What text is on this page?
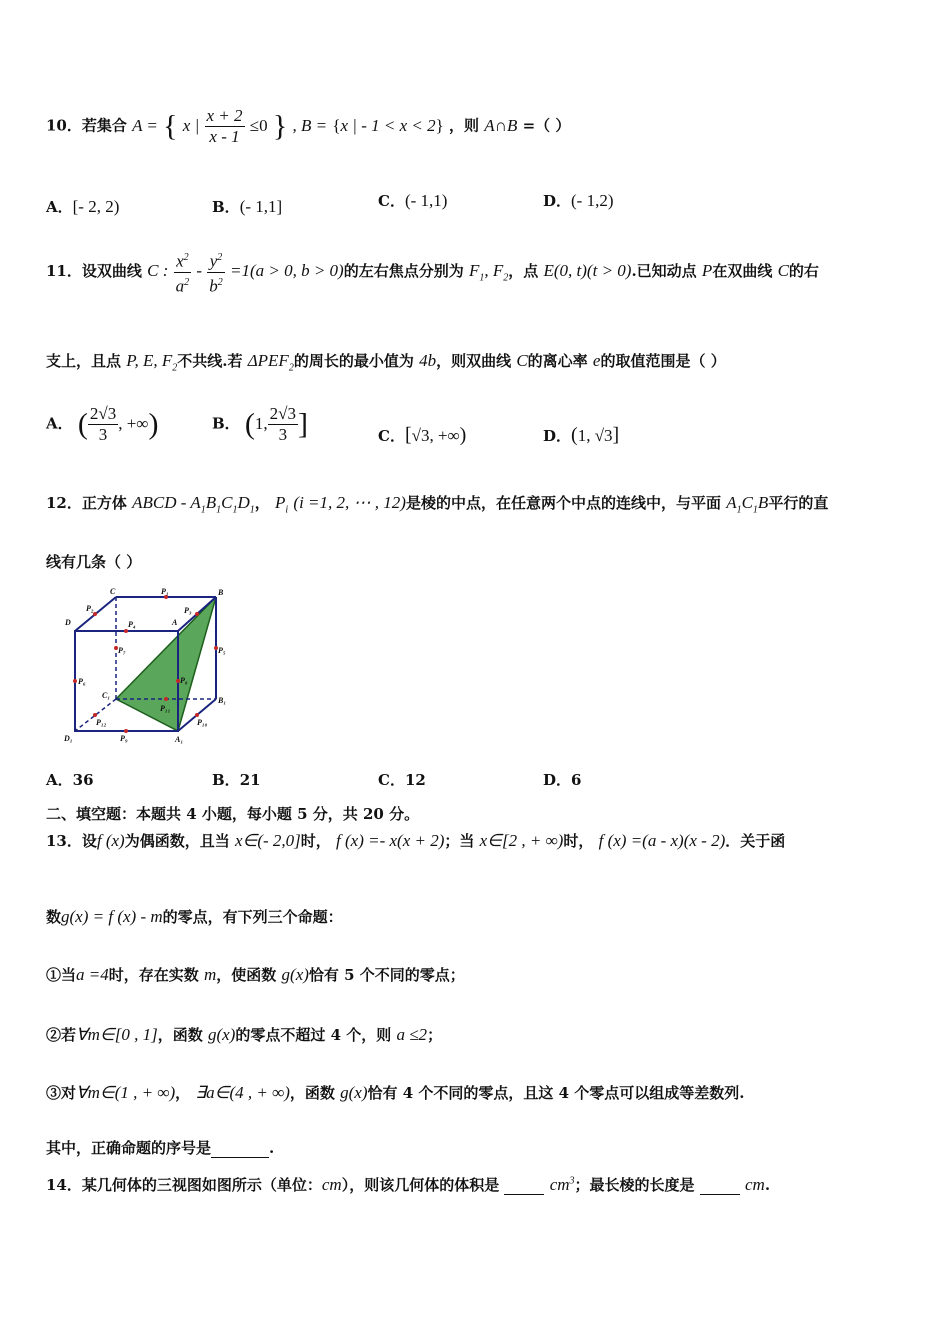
10．若集合 A = { x | $\frac{x + 2}{x - 1} \le 0$ } , B = {x | - 1 < x < 2} ，则 A∩B =（ ）
A．[- 2, 2)	B．(- 1,1]	C．(- 1,1)	D．(- 1,2)
11．设双曲线 C : $\frac{x^2}{a^2} - \frac{y^2}{b^2} =1(a > 0$, b > 0)的左右焦点分别为 $F_1$, $F_2$，点 E(0, t)(t > 0).已知动点 P在双曲线 C的右
支上，且点 P, E, $F_2$不共线.若 $\Delta PEF_2$的周长的最小值为 4b，则双曲线 C的离心率 e的取值范围是（ ）
A． ( $\frac{2√3}{3}$ , +∞)	B． (1, $\frac{2√3}{3}$ ]	C．[√3, +∞)	D．(1, √3]
12．正方体 ABCD - $A_1B_1C_1D_1$， $P_i$ (i =1, 2, ⋯ , 12)是棱的中点，在任意两个中点的连线中，与平面 $A_1C_1B$平行的直
线有几条（ ）
C	B
D	A
C₁
B₁
D₁	A₁
P₁
P₂	P₃
P₄
P₅
P₆
P₇
P₈
P₉
P₁₀
P₁₁
P₁₂
A．36	B．21	C．12	D．6
二、填空题：本题共 4 小题，每小题 5 分，共 20 分。
13．设f (x)为偶函数，且当 x∈(- 2,0]时， f (x) =- x(x + 2)；当 x∈[2 , + ∞)时， f (x) =(a - x)(x - 2)．关于函
数g(x) = f (x) - m的零点，有下列三个命题：
①当a =4时，存在实数 m，使函数 g(x)恰有 5 个不同的零点；
②若∀m∈[0 , 1]，函数 g(x)的零点不超过 4 个，则 a ≤2；
③对∀m∈(1 , + ∞)， ∃a∈(4 , + ∞)，函数 g(x)恰有 4 个不同的零点，且这 4 个零点可以组成等差数列.
其中，正确命题的序号是	.
14．某几何体的三视图如图所示（单位：cm），则该几何体的体积是	$cm^3$；最长棱的长度是	cm.
